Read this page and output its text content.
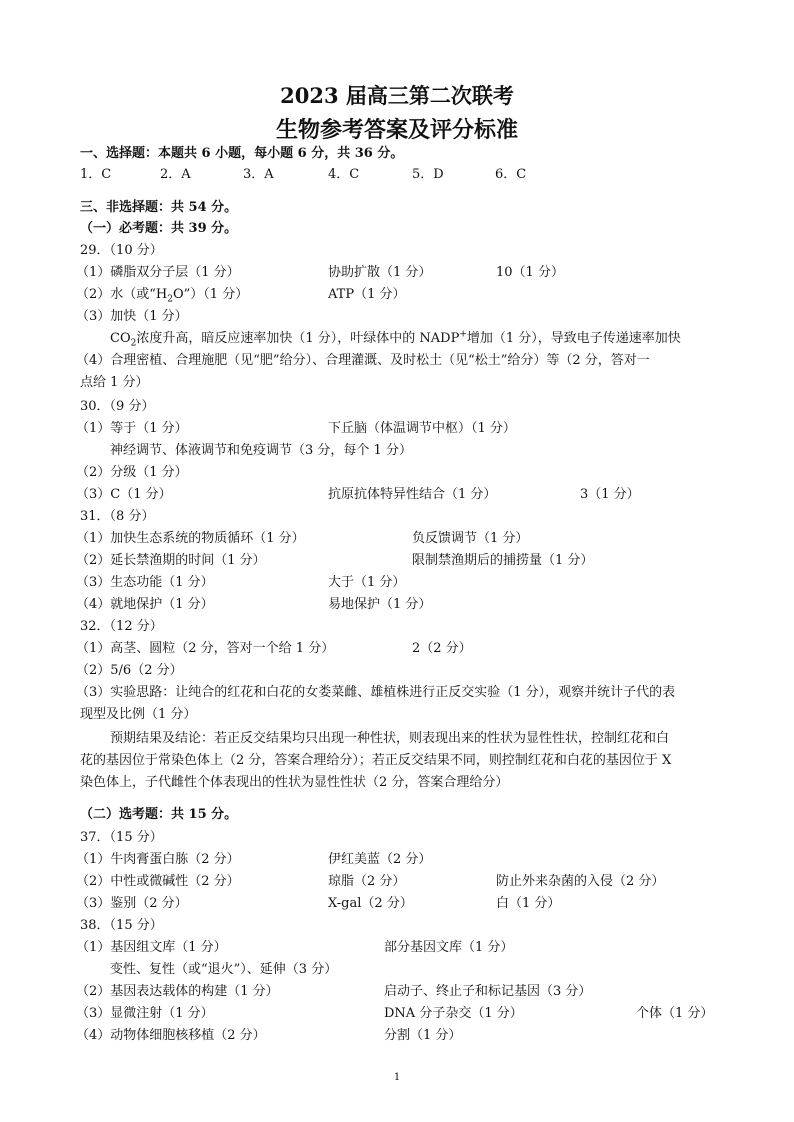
2023 届高三第二次联考
生物参考答案及评分标准
一、选择题：本题共 6 小题，每小题 6 分，共 36 分。
1．C	2．A	3．A	4．C	5．D	6．C
三、非选择题：共 54 分。
（一）必考题：共 39 分。
29．（10 分）
（1）磷脂双分子层（1 分）	协助扩散（1 分）	10（1 分）
（2）水（或“$H_2O”)(1$ 分）	ATP（1 分）
（3）加快（1 分）
$CO_2$浓度升高，暗反应速率加快（1 分），叶绿体中的 NADP+增加（1 分），导致电子传递速率加快
（4）合理密植、合理施肥（见“肥”给分）、合理灌溉、及时松土（见“松土”给分）等（2 分，答对一
点给 1 分）
30．（9 分）
（1）等于（1 分）	下丘脑（体温调节中枢）（1 分）
神经调节、体液调节和免疫调节（3 分，每个 1 分）
（2）分级（1 分）
（3）C（1 分）	抗原抗体特异性结合（1 分）	3（1 分）
31．（8 分）
（1）加快生态系统的物质循环（1 分）	负反馈调节（1 分）
（2）延长禁渔期的时间（1 分）	限制禁渔期后的捕捞量（1 分）
（3）生态功能（1 分）	大于（1 分）
（4）就地保护（1 分）	易地保护（1 分）
32．（12 分）
（1）高茎、圆粒（2 分，答对一个给 1 分）	2（2 分）
（2）5/6（2 分）
（3）实验思路：让纯合的红花和白花的女娄菜雌、雄植株进行正反交实验（1 分），观察并统计子代的表
现型及比例（1 分）
预期结果及结论：若正反交结果均只出现一种性状，则表现出来的性状为显性性状，控制红花和白
花的基因位于常染色体上（2 分，答案合理给分）；若正反交结果不同，则控制红花和白花的基因位于 X
染色体上，子代雌性个体表现出的性状为显性性状（2 分，答案合理给分）
（二）选考题：共 15 分。
37．（15 分）
（1）牛肉膏蛋白胨（2 分）	伊红美蓝（2 分）
（2）中性或微碱性（2 分）	琼脂（2 分）	防止外来杂菌的入侵（2 分）
（3）鉴别（2 分）	X-gal（2 分）	白（1 分）
38．（15 分）
（1）基因组文库（1 分）	部分基因文库（1 分）
变性、复性（或“退火”）、延伸（3 分）
（2）基因表达载体的构建（1 分）	启动子、终止子和标记基因（3 分）
（3）显微注射（1 分）	DNA 分子杂交（1 分）	个体（1 分）
（4）动物体细胞核移植（2 分）	分割（1 分）
1
